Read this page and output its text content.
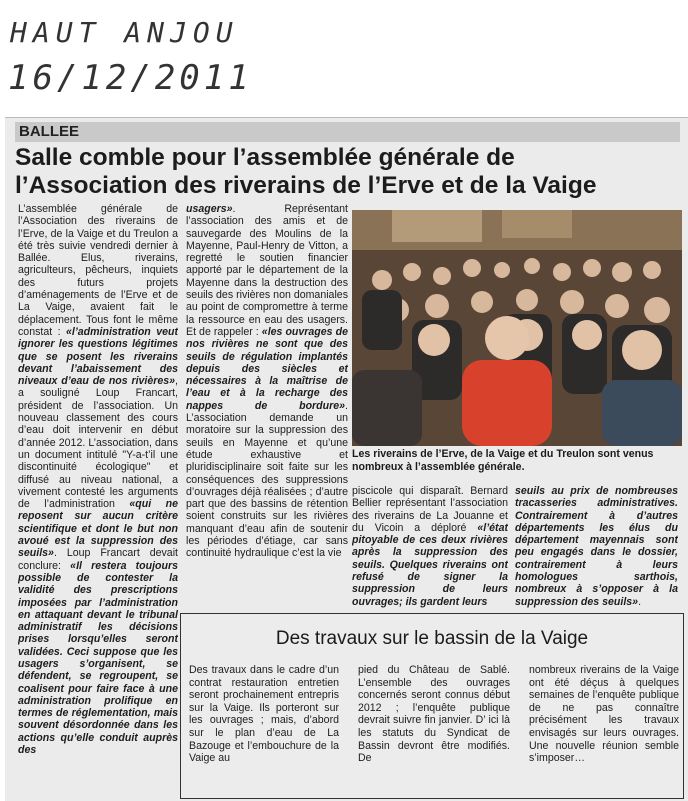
HAUT ANJOU
16/12/2011
BALLEE
Salle comble pour l’assemblée générale de
l’Association des riverains de l’Erve et de la Vaige

L’assemblée générale de l’Association des riverains de l’Erve, de la Vaige et du Treulon a été très suivie vendredi dernier à Ballée. Elus, riverains, agriculteurs, pêcheurs, inquiets des futurs projets d’aménagements de l’Erve et de La Vaige, avaient fait le déplacement. Tous font le même constat : «l’administration veut ignorer les questions légitimes que se posent les riverains devant l’abaissement des niveaux d’eau de nos rivières», a souligné Loup Francart, président de l’association. Un nouveau classement des cours d’eau doit intervenir en début d’année 2012. L’association, dans un document intitulé "Y-a-t’il une discontinuité écologique" et diffusé au niveau national, a vivement contesté les arguments de l’administration «qui ne reposent sur aucun critère scientifique et dont le but non avoué est la suppression des seuils». Loup Francart devait conclure: «Il restera toujours possible de contester la validité des prescriptions imposées par l’administration en attaquant devant le tribunal administratif les décisions prises lorsqu’elles seront validées. Ceci suppose que les usagers s’organisent, se défendent, se regroupent, se coalisent pour faire face à une administration prolifique en termes de réglementation, mais souvent désordonnée dans les actions qu’elle conduit auprès des

usagers». Représentant l’association des amis et de sauvegarde des Moulins de la Mayenne, Paul-Henry de Vitton, a regretté le soutien financier apporté par le département de la Mayenne dans la destruction des seuils des rivières non domaniales au point de compromettre à terme la ressource en eau des usagers. Et de rappeler : «les ouvrages de nos rivières ne sont que des seuils de régulation implantés depuis des siècles et nécessaires à la maîtrise de l’eau et à la recharge des nappes de bordure». L’association demande un moratoire sur la suppression des seuils en Mayenne et qu’une étude exhaustive et pluridisciplinaire soit faite sur les conséquences des suppressions d’ouvrages déjà réalisées ; d’autre part que des bassins de rétention soient construits sur les rivières manquant d’eau afin de soutenir les périodes d’étiage, car sans continuité hydraulique c’est la vie

Les riverains de l’Erve, de la Vaige et du Treulon sont venus nombreux à l’assemblée générale.

piscicole qui disparaît. Bernard Bellier représentant l’association des riverains de La Jouanne et du Vicoin a déploré «l’état pitoyable de ces deux rivières après la suppression des seuils. Quelques riverains ont refusé de signer la suppression de leurs ouvrages; ils gardent leurs

seuils au prix de nombreuses tracasseries administratives. Contrairement à d’autres départements les élus du département mayennais sont peu engagés dans le dossier, contrairement à leurs homologues sarthois, nombreux à s’opposer à la suppression des seuils».

Des travaux sur le bassin de la Vaige
Des travaux dans le cadre d’un contrat restauration entretien seront prochainement entrepris sur la Vaige. Ils porteront sur les ouvrages ; mais, d’abord sur le plan d’eau de La Bazouge et l’embouchure de la Vaige au
pied du Château de Sablé. L’ensemble des ouvrages concernés seront connus début 2012 ; l’enquête publique devrait suivre fin janvier. D’ ici là les statuts du Syndicat de Bassin devront être modifiés. De
nombreux riverains de la Vaige ont été déçus à quelques semaines de l’enquête publique de ne pas connaître précisément les travaux envisagés sur leurs ouvrages. Une nouvelle réunion semble s’imposer…
